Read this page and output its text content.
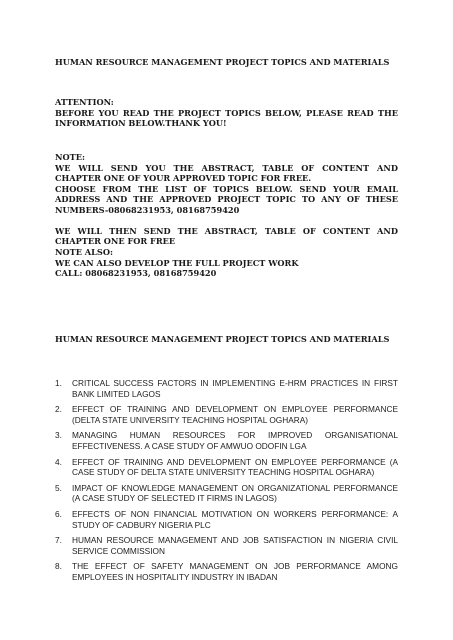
HUMAN RESOURCE MANAGEMENT PROJECT TOPICS AND MATERIALS
ATTENTION:
BEFORE YOU READ THE PROJECT TOPICS BELOW, PLEASE READ THE INFORMATION BELOW.THANK YOU!
NOTE:
WE WILL SEND YOU THE ABSTRACT, TABLE OF CONTENT AND CHAPTER ONE OF YOUR APPROVED TOPIC FOR FREE.
CHOOSE FROM THE LIST OF TOPICS BELOW. SEND YOUR EMAIL ADDRESS AND THE APPROVED PROJECT TOPIC TO ANY OF THESE NUMBERS-08068231953, 08168759420
WE WILL THEN SEND THE ABSTRACT, TABLE OF CONTENT AND CHAPTER ONE FOR FREE
NOTE ALSO:
WE CAN ALSO DEVELOP THE FULL PROJECT WORK
CALL: 08068231953, 08168759420
HUMAN RESOURCE MANAGEMENT PROJECT TOPICS AND MATERIALS
1. CRITICAL SUCCESS FACTORS IN IMPLEMENTING E-HRM PRACTICES IN FIRST BANK LIMITED LAGOS
2. EFFECT OF TRAINING AND DEVELOPMENT ON EMPLOYEE PERFORMANCE (DELTA STATE UNIVERSITY TEACHING HOSPITAL OGHARA)
3. MANAGING HUMAN RESOURCES FOR IMPROVED ORGANISATIONAL EFFECTIVENESS. A CASE STUDY OF AMWUO ODOFIN LGA
4. EFFECT OF TRAINING AND DEVELOPMENT ON EMPLOYEE PERFORMANCE (A CASE STUDY OF DELTA STATE UNIVERSITY TEACHING HOSPITAL OGHARA)
5. IMPACT OF KNOWLEDGE MANAGEMENT ON ORGANIZATIONAL PERFORMANCE (A CASE STUDY OF SELECTED IT FIRMS IN LAGOS)
6. EFFECTS OF NON FINANCIAL MOTIVATION ON WORKERS PERFORMANCE: A STUDY OF CADBURY NIGERIA PLC
7. HUMAN RESOURCE MANAGEMENT AND JOB SATISFACTION IN NIGERIA CIVIL SERVICE COMMISSION
8. THE EFFECT OF SAFETY MANAGEMENT ON JOB PERFORMANCE AMONG EMPLOYEES IN HOSPITALITY INDUSTRY IN IBADAN
